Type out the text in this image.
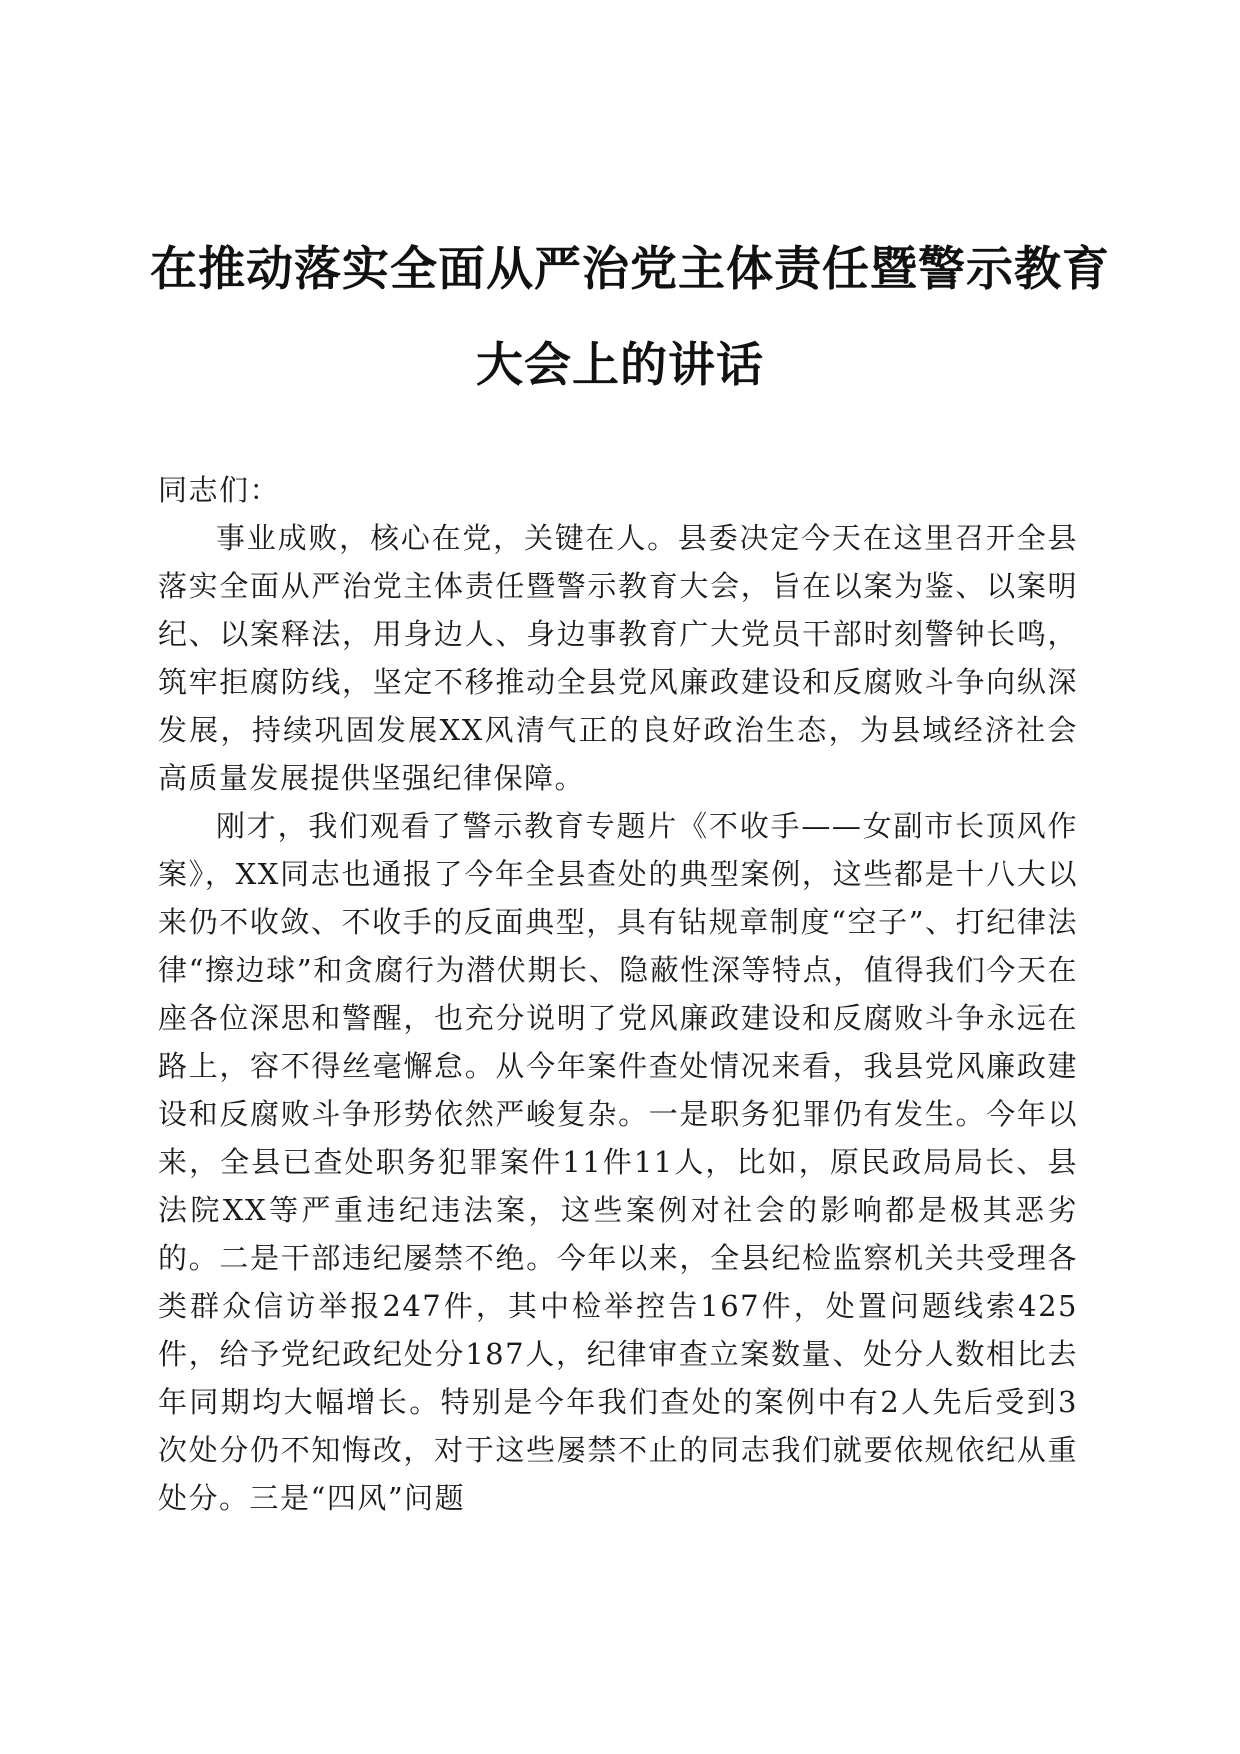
在推动落实全面从严治党主体责任暨警示教育
大会上的讲话

同志们：

事业成败，核心在党，关键在人。县委决定今天在这里召开全县落实全面从严治党主体责任暨警示教育大会，旨在以案为鉴、以案明纪、以案释法，用身边人、身边事教育广大党员干部时刻警钟长鸣，筑牢拒腐防线，坚定不移推动全县党风廉政建设和反腐败斗争向纵深发展，持续巩固发展XX风清气正的良好政治生态，为县域经济社会高质量发展提供坚强纪律保障。

刚才，我们观看了警示教育专题片《不收手——女副市长顶风作案》，XX同志也通报了今年全县查处的典型案例，这些都是十八大以来仍不收敛、不收手的反面典型，具有钻规章制度“空子”、打纪律法律“擦边球”和贪腐行为潜伏期长、隐蔽性深等特点，值得我们今天在座各位深思和警醒，也充分说明了党风廉政建设和反腐败斗争永远在路上，容不得丝毫懈怠。从今年案件查处情况来看，我县党风廉政建设和反腐败斗争形势依然严峻复杂。一是职务犯罪仍有发生。今年以来，全县已查处职务犯罪案件11件11人，比如，原民政局局长、县法院XX等严重违纪违法案，这些案例对社会的影响都是极其恶劣的。二是干部违纪屡禁不绝。今年以来，全县纪检监察机关共受理各类群众信访举报247件，其中检举控告167件，处置问题线索425件，给予党纪政纪处分187人，纪律审查立案数量、处分人数相比去年同期均大幅增长。特别是今年我们查处的案例中有2人先后受到3次处分仍不知悔改，对于这些屡禁不止的同志我们就要依规依纪从重处分。三是“四风”问题
